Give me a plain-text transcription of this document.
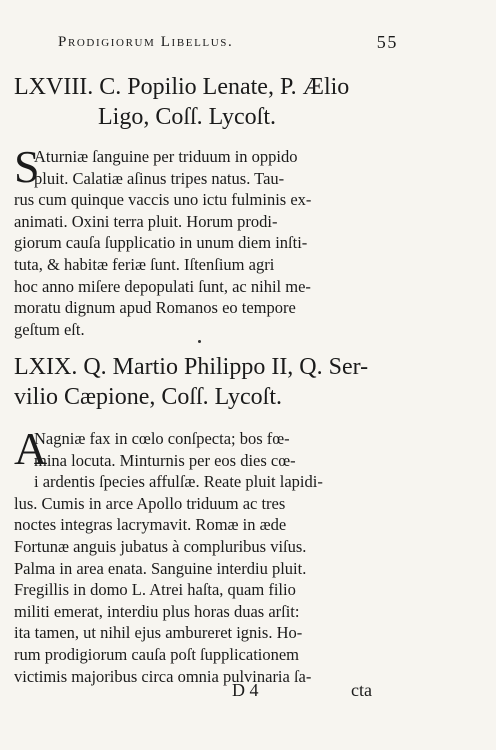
Prodigiorum Libellus.	55
LXVIII. C. Popilio Lenate, P. Ælio
Ligo, Coſſ. Lycoſt.
S
Aturniæ ſanguine per triduum in oppido
pluit. Calatiæ aſinus tripes natus. Tau-
rus cum quinque vaccis uno ictu fulminis ex-
animati. Oxini terra pluit. Horum prodi-
giorum cauſa ſupplicatio in unum diem inſti-
tuta, & habitæ feriæ ſunt. Iſtenſium agri
hoc anno miſere depopulati ſunt, ac nihil me-
moratu dignum apud Romanos eo tempore
geſtum eſt.
LXIX. Q. Martio Philippo II, Q. Ser-
vilio Cæpione, Coſſ. Lycoſt.
A
Nagniæ fax in cœlo conſpecta; bos fœ-
mina locuta. Minturnis per eos dies cœ-
i ardentis ſpecies affulſæ. Reate pluit lapidi-
lus. Cumis in arce Apollo triduum ac tres
noctes integras lacrymavit. Romæ in æde
Fortunæ anguis jubatus à compluribus viſus.
Palma in area enata. Sanguine interdiu pluit.
Fregillis in domo L. Atrei haſta, quam filio
militi emerat, interdiu plus horas duas arſit:
ita tamen, ut nihil ejus ambureret ignis. Ho-
rum prodigiorum cauſa poſt ſupplicationem
victimis majoribus circa omnia pulvinaria ſa-
D 4	cta
